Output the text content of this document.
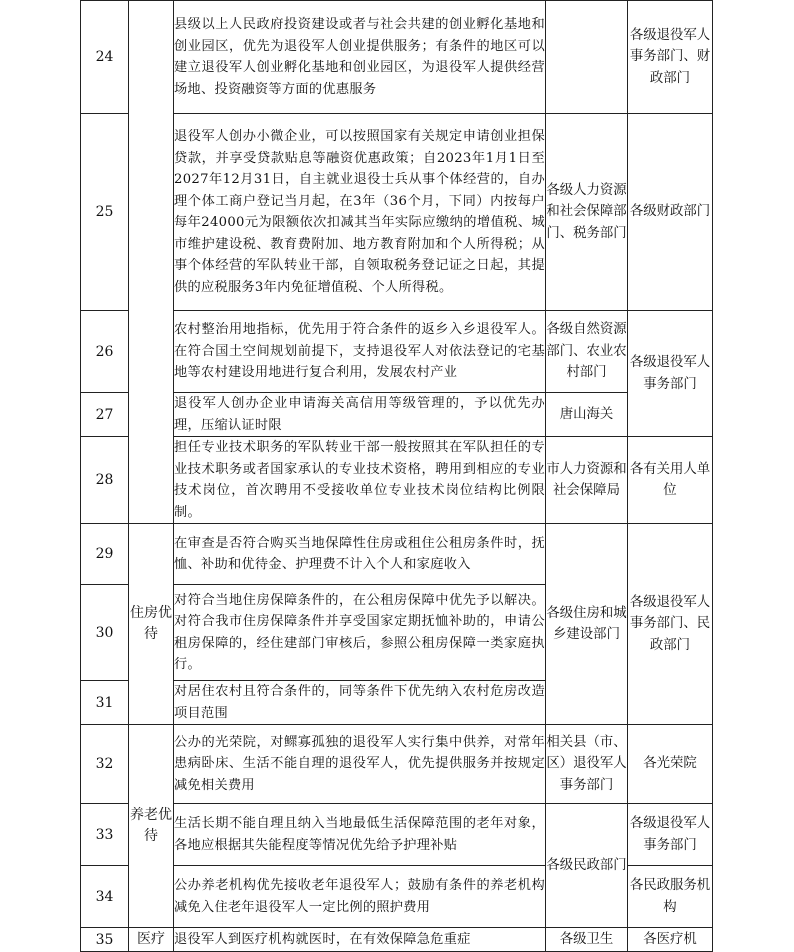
24		县级以上人民政府投资建设或者与社会共建的创业孵化基地和创业园区，优先为退役军人创业提供服务；有条件的地区可以建立退役军人创业孵化基地和创业园区，为退役军人提供经营场地、投资融资等方面的优惠服务		各级退役军人事务部门、财政部门
25		退役军人创办小微企业，可以按照国家有关规定申请创业担保贷款，并享受贷款贴息等融资优惠政策；自2023年1月1日至2027年12月31日，自主就业退役士兵从事个体经营的，自办理个体工商户登记当月起，在3年（36个月，下同）内按每户每年24000元为限额依次扣减其当年实际应缴纳的增值税、城市维护建设税、教育费附加、地方教育附加和个人所得税；从事个体经营的军队转业干部，自领取税务登记证之日起，其提供的应税服务3年内免征增值税、个人所得税。	各级人力资源和社会保障部门、税务部门	各级财政部门
26		农村整治用地指标，优先用于符合条件的返乡入乡退役军人。在符合国土空间规划前提下，支持退役军人对依法登记的宅基地等农村建设用地进行复合利用，发展农村产业	各级自然资源部门、农业农村部门	各级退役军人事务部门
27		退役军人创办企业申请海关高信用等级管理的，予以优先办理，压缩认证时限	唐山海关	
28		担任专业技术职务的军队转业干部一般按照其在军队担任的专业技术职务或者国家承认的专业技术资格，聘用到相应的专业技术岗位，首次聘用不受接收单位专业技术岗位结构比例限制。	市人力资源和社会保障局	各有关用人单位
29	住房优待	在审查是否符合购买当地保障性住房或租住公租房条件时，抚恤、补助和优待金、护理费不计入个人和家庭收入	各级住房和城乡建设部门	各级退役军人事务部门、民政部门
30		对符合当地住房保障条件的，在公租房保障中优先予以解决。对符合我市住房保障条件并享受国家定期抚恤补助的，申请公租房保障的，经住建部门审核后，参照公租房保障一类家庭执行。		
31		对居住农村且符合条件的，同等条件下优先纳入农村危房改造项目范围		
32	养老优待	公办的光荣院，对鳏寡孤独的退役军人实行集中供养，对常年患病卧床、生活不能自理的退役军人，优先提供服务并按规定减免相关费用	相关县（市、区）退役军人事务部门	各光荣院
33		生活长期不能自理且纳入当地最低生活保障范围的老年对象，各地应根据其失能程度等情况优先给予护理补贴	各级民政部门	各级退役军人事务部门
34		公办养老机构优先接收老年退役军人；鼓励有条件的养老机构减免入住老年退役军人一定比例的照护费用		各民政服务机构
35	医疗	退役军人到医疗机构就医时，在有效保障急危重症	各级卫生	各医疗机
